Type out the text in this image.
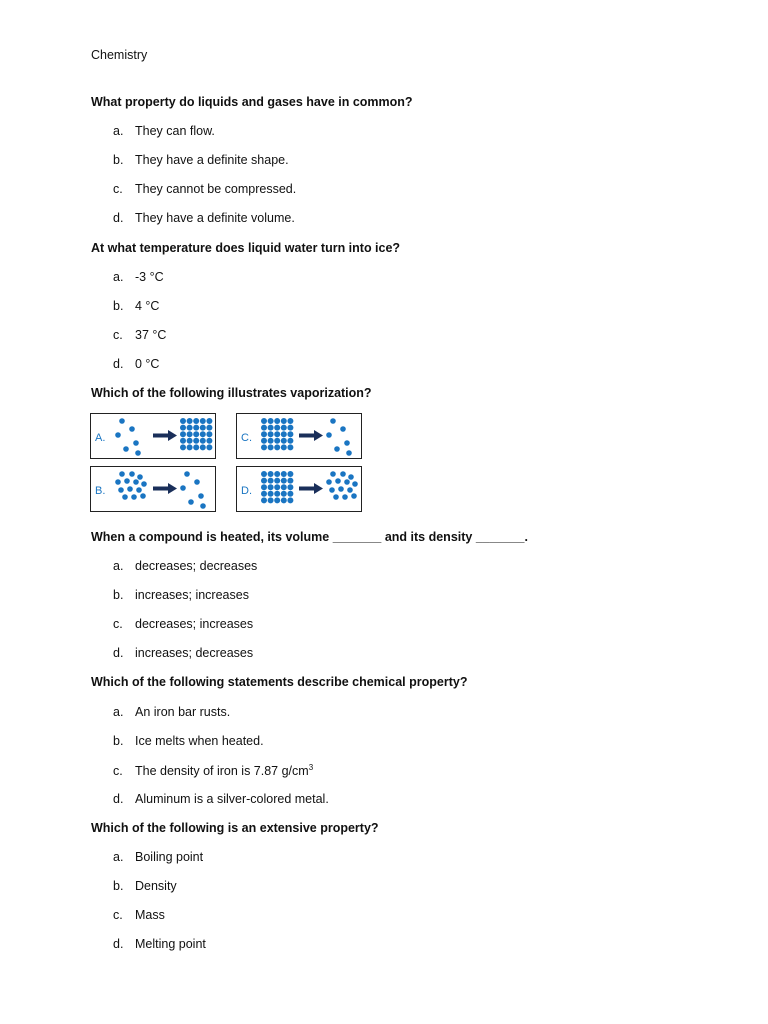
Chemistry
What property do liquids and gases have in common?
a. They can flow.
b. They have a definite shape.
c. They cannot be compressed.
d. They have a definite volume.
At what temperature does liquid water turn into ice?
a. -3 °C
b. 4 °C
c. 37 °C
d. 0 °C
Which of the following illustrates vaporization?
A.	C.
B.	D.
When a compound is heated, its volume _______ and its density _______.
a. decreases; decreases
b. increases; increases
c. decreases; increases
d. increases; decreases
Which of the following statements describe chemical property?
a. An iron bar rusts.
b. Ice melts when heated.
c. The density of iron is 7.87 $g/cm^3$
d. Aluminum is a silver-colored metal.
Which of the following is an extensive property?
a. Boiling point
b. Density
c. Mass
d. Melting point
